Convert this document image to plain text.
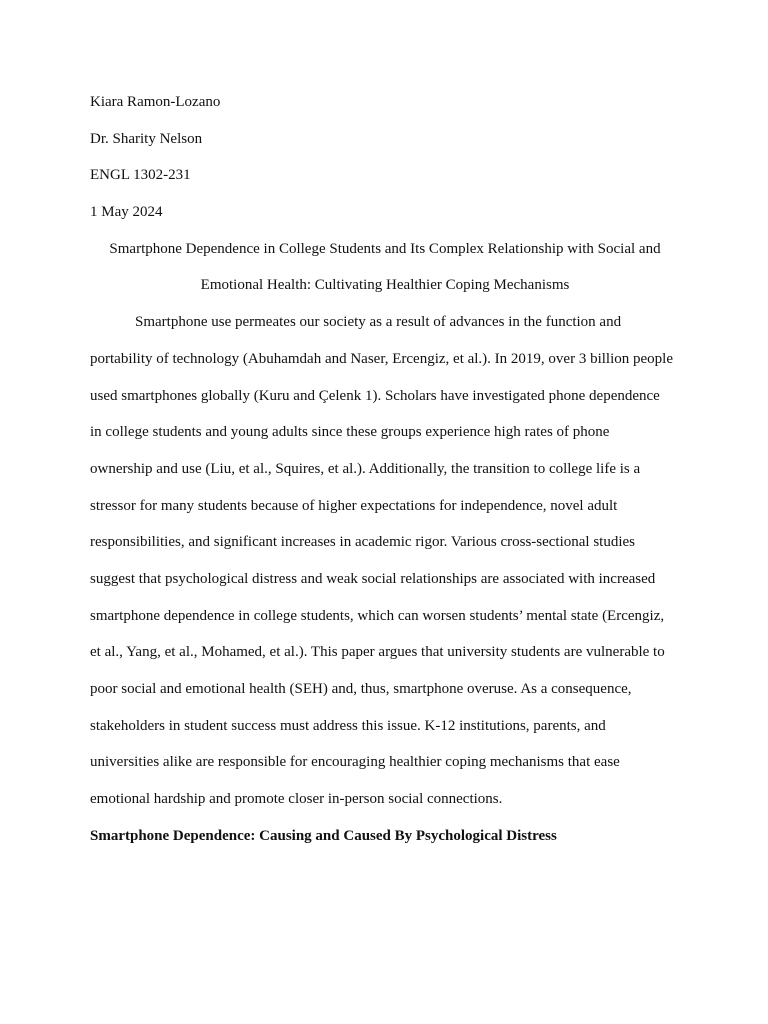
Kiara Ramon-Lozano
Dr. Sharity Nelson
ENGL 1302-231
1 May 2024
Smartphone Dependence in College Students and Its Complex Relationship with Social and
Emotional Health: Cultivating Healthier Coping Mechanisms
Smartphone use permeates our society as a result of advances in the function and
portability of technology (Abuhamdah and Naser, Ercengiz, et al.). In 2019, over 3 billion people
used smartphones globally (Kuru and Çelenk 1). Scholars have investigated phone dependence
in college students and young adults since these groups experience high rates of phone
ownership and use (Liu, et al., Squires, et al.). Additionally, the transition to college life is a
stressor for many students because of higher expectations for independence, novel adult
responsibilities, and significant increases in academic rigor. Various cross-sectional studies
suggest that psychological distress and weak social relationships are associated with increased
smartphone dependence in college students, which can worsen students’ mental state (Ercengiz,
et al., Yang, et al., Mohamed, et al.). This paper argues that university students are vulnerable to
poor social and emotional health (SEH) and, thus, smartphone overuse. As a consequence,
stakeholders in student success must address this issue. K-12 institutions, parents, and
universities alike are responsible for encouraging healthier coping mechanisms that ease
emotional hardship and promote closer in-person social connections.
Smartphone Dependence: Causing and Caused By Psychological Distress
